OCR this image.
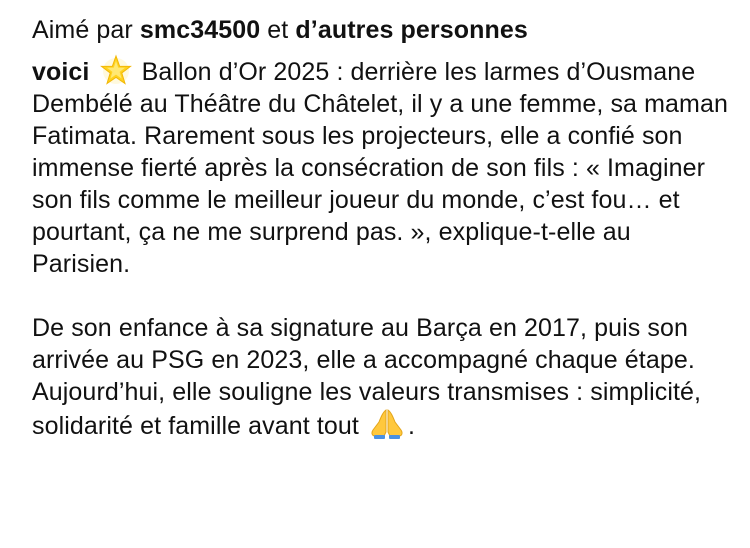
Aimé par smc34500 et d’autres personnes
voici Ballon d’Or 2025 : derrière les larmes d’Ousmane Dembélé au Théâtre du Châtelet, il y a une femme, sa maman Fatimata. Rarement sous les projecteurs, elle a confié son immense fierté après la consécration de son fils : « Imaginer son fils comme le meilleur joueur du monde, c’est fou… et pourtant, ça ne me surprend pas. », explique-t-elle au Parisien.
De son enfance à sa signature au Barça en 2017, puis son arrivée au PSG en 2023, elle a accompagné chaque étape. Aujourd’hui, elle souligne les valeurs transmises : simplicité, solidarité et famille avant tout .
